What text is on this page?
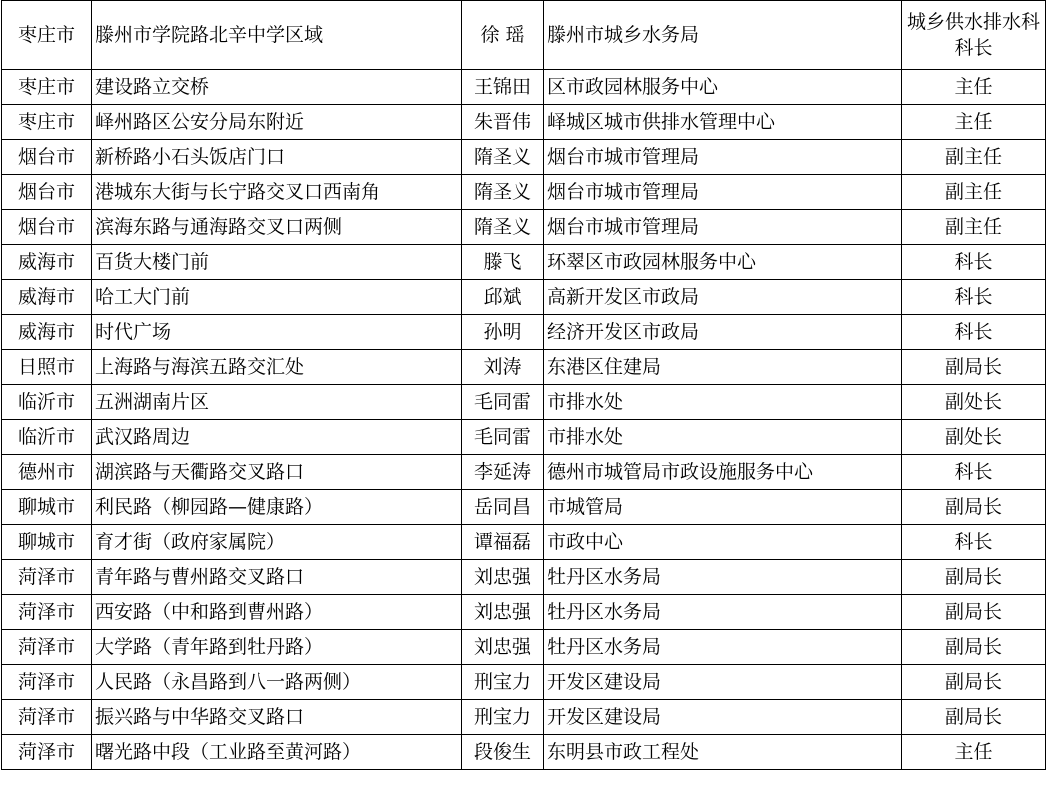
枣庄市	滕州市学院路北辛中学区域	徐 瑶	滕州市城乡水务局	城乡供水排水科科长
枣庄市	建设路立交桥	王锦田	区市政园林服务中心	主任
枣庄市	峄州路区公安分局东附近	朱晋伟	峄城区城市供排水管理中心	主任
烟台市	新桥路小石头饭店门口	隋圣义	烟台市城市管理局	副主任
烟台市	港城东大街与长宁路交叉口西南角	隋圣义	烟台市城市管理局	副主任
烟台市	滨海东路与通海路交叉口两侧	隋圣义	烟台市城市管理局	副主任
威海市	百货大楼门前	滕飞	环翠区市政园林服务中心	科长
威海市	哈工大门前	邱斌	高新开发区市政局	科长
威海市	时代广场	孙明	经济开发区市政局	科长
日照市	上海路与海滨五路交汇处	刘涛	东港区住建局	副局长
临沂市	五洲湖南片区	毛同雷	市排水处	副处长
临沂市	武汉路周边	毛同雷	市排水处	副处长
德州市	湖滨路与天衢路交叉路口	李延涛	德州市城管局市政设施服务中心	科长
聊城市	利民路（柳园路—健康路）	岳同昌	市城管局	副局长
聊城市	育才街（政府家属院）	谭福磊	市政中心	科长
菏泽市	青年路与曹州路交叉路口	刘忠强	牡丹区水务局	副局长
菏泽市	西安路（中和路到曹州路）	刘忠强	牡丹区水务局	副局长
菏泽市	大学路（青年路到牡丹路）	刘忠强	牡丹区水务局	副局长
菏泽市	人民路（永昌路到八一路两侧）	刑宝力	开发区建设局	副局长
菏泽市	振兴路与中华路交叉路口	刑宝力	开发区建设局	副局长
菏泽市	曙光路中段（工业路至黄河路）	段俊生	东明县市政工程处	主任
